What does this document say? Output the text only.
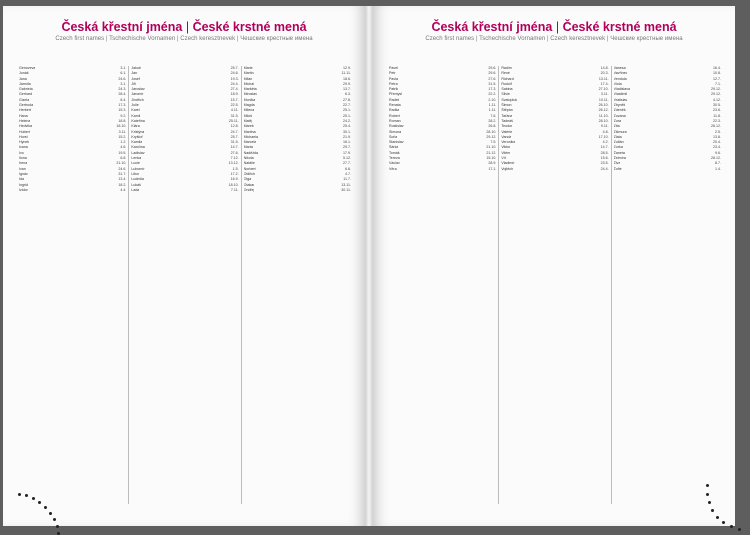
Česká křestní jména | České krstné mená
Czech first names | Tschechische Vornamen | Czech keresztnevek | Чешские крестные имена
Genoveva	3.1.
Jonáš	6.1.
Jana	24.6.
Jarmila	3.1.
Gabriela	24.3.
Gerhard	28.4.
Gizela	8.4.
Gertruda	17.3.
Herbert	15.3.
Hana	9.2.
Helena	18.8.
Hedvika	16.10.
Hubert	3.11.
Horst	15.2.
Hynek	1.2.
Ivana	4.6.
Ivo	19.5.
Ilona	6.8.
Irena	21.10.
Ivan	24.6.
Ignác	31.7.
Ida	13.4.
Ingrid	18.2.
Izidor	4.4.
Jakub	25.7.
Jan	24.6.
Josef	19.3.
Jiří	24.4.
Jaroslav	27.4.
Jaromír	18.9.
Jindřich	15.7.
Julie	22.5.
Karel	4.11.
Kamil	31.5.
Kateřina	25.11.
Klára	12.8.
Kristýna	24.7.
Kryštof	25.7.
Kamila	31.5.
Karolína	14.7.
Ladislav	27.6.
Lenka	7.12.
Lucie	13.12.
Lubomír	1.5.
Libor	17.2.
Ludmila	16.9.
Lukáš	18.10.
Lada	7.11.
Marie	12.9.
Martin	11.11.
Milan	18.6.
Michal	29.9.
Markéta	13.7.
Miroslav	6.3.
Monika	27.8.
Magda	22.7.
Milena	25.1.
Miloš	25.1.
Matěj	24.2.
Marek	25.4.
Martina	30.1.
Michaela	21.9.
Marcela	16.1.
Marta	29.7.
Naděžda	17.9.
Nikola	5.12.
Natálie	27.7.
Norbert	6.6.
Oldřich	4.7.
Olga	11.7.
Otakar	13.11.
Ondřej	30.11.
Česká křestní jména | České krstné mená
Czech first names | Tschechische Vornamen | Czech keresztnevek | Чешские крестные имена
Pavel	29.6.
Petr	29.6.
Pavla	27.6.
Petra	31.5.
Patrik	17.3.
Přemysl	22.2.
Radek	2.10.
Renata	1.11.
Radka	1.11.
Robert	7.6.
Roman	28.2.
Rostislav	26.8.
Simona	28.10.
Soňa	29.12.
Stanislav	7.5.
Šárka	21.10.
Tomáš	21.12.
Tereza	15.10.
Václav	28.9.
Věra	17.1.
Radim	14.8.
René	20.3.
Richard	13.11.
Rudolf	17.4.
Sabina	27.10.
Silvie	3.11.
Svatopluk	10.11.
Šimon	26.10.
Štěpán	26.12.
Taťána	11.10.
Tadeáš	28.10.
Teodor	9.11.
Valérie	4.8.
Vanda	17.10.
Veronika	4.2.
Viktor	14.7.
Vilém	28.5.
Vít	15.6.
Vladimír	23.5.
Vojtěch	24.4.
Vanesa	16.4.
Vavřinec	10.8.
Vendula	12.7.
Viola	7.1.
Vladislava	29.12.
Vlastimil	29.12.
Vratislav	4.12.
Zbyněk	30.5.
Zdeněk	23.6.
Zuzana	11.8.
Zora	22.3.
Zita	26.12.
Zikmund	2.5.
Zlata	13.8.
Zoltán	20.4.
Zorka	23.4.
Žaneta	9.6.
Želmíra	28.12.
Živa	8.7.
Žofie	1.4.
